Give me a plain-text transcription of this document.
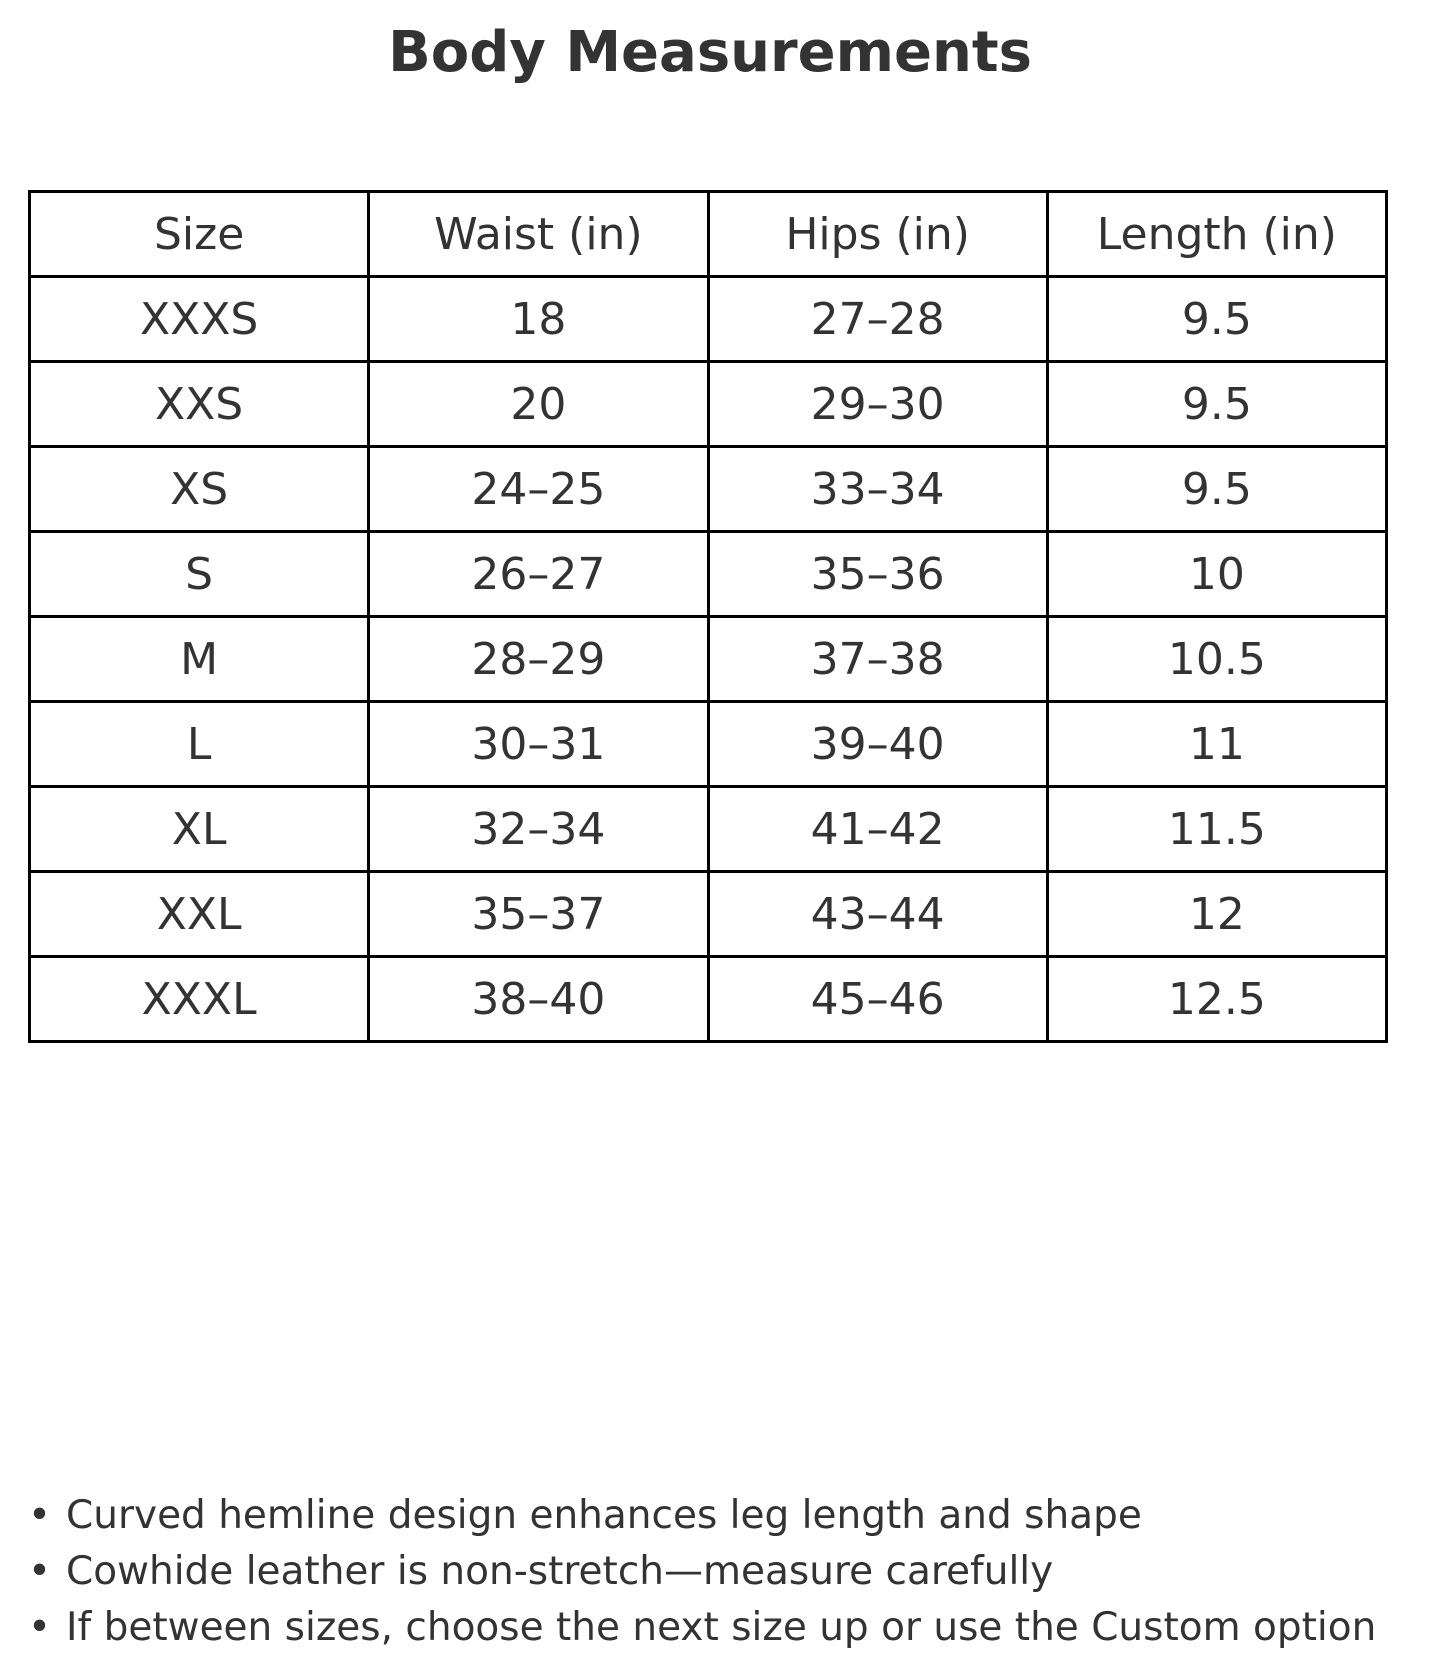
Body Measurements
Size	Waist (in)	Hips (in)	Length (in)
XXXS	18	27–28	9.5
XXS	20	29–30	9.5
XS	24–25	33–34	9.5
S	26–27	35–36	10
M	28–29	37–38	10.5
L	30–31	39–40	11
XL	32–34	41–42	11.5
XXL	35–37	43–44	12
XXXL	38–40	45–46	12.5
• Curved hemline design enhances leg length and shape
• Cowhide leather is non-stretch—measure carefully
• If between sizes, choose the next size up or use the Custom option
